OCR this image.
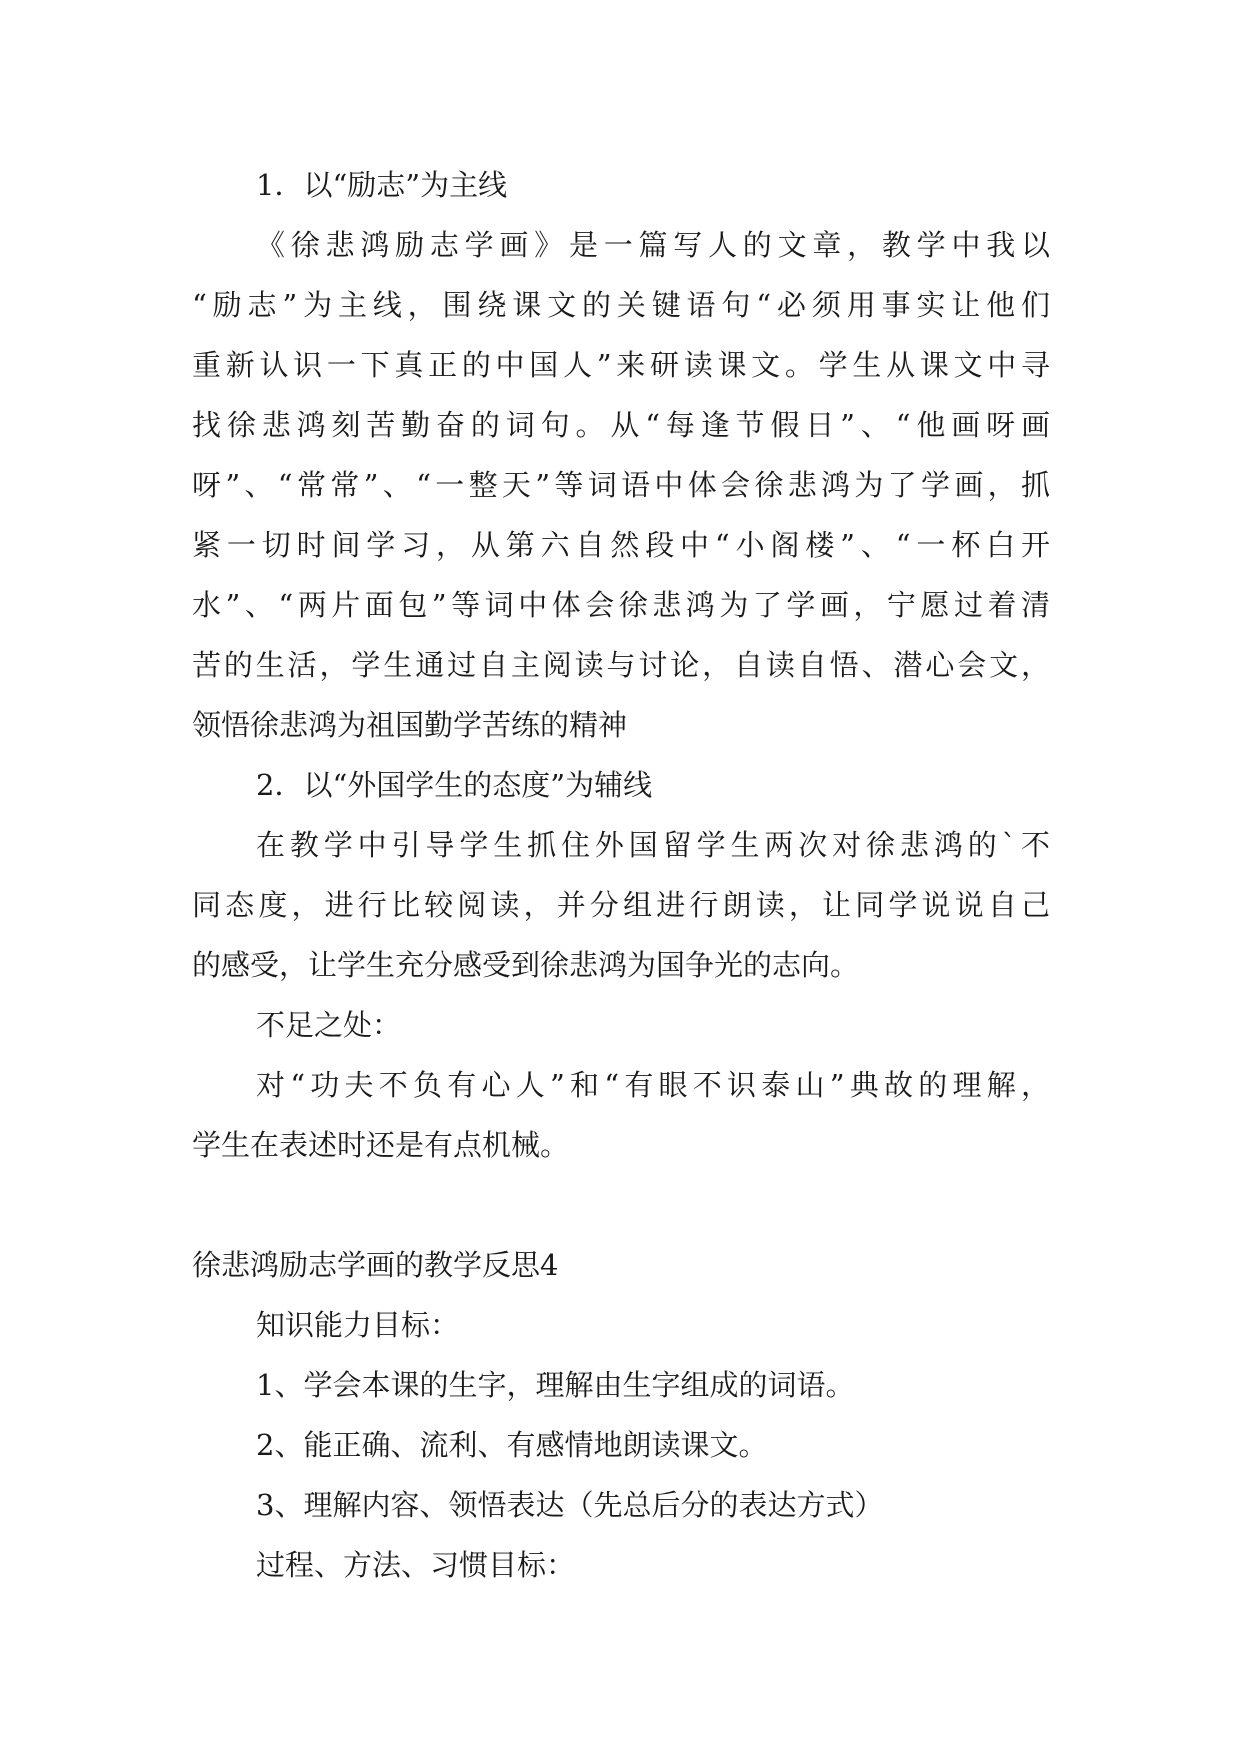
1．以“励志”为主线
《徐悲鸿励志学画》是一篇写人的文章，教学中我以
“励志”为主线，围绕课文的关键语句“必须用事实让他们
重新认识一下真正的中国人”来研读课文。学生从课文中寻
找徐悲鸿刻苦勤奋的词句。从“每逢节假日”、“他画呀画
呀”、“常常”、“一整天”等词语中体会徐悲鸿为了学画，抓
紧一切时间学习，从第六自然段中“小阁楼”、“一杯白开
水”、“两片面包”等词中体会徐悲鸿为了学画，宁愿过着清
苦的生活，学生通过自主阅读与讨论，自读自悟、潜心会文，
领悟徐悲鸿为祖国勤学苦练的精神
2．以“外国学生的态度”为辅线
在教学中引导学生抓住外国留学生两次对徐悲鸿的`不
同态度，进行比较阅读，并分组进行朗读，让同学说说自己
的感受，让学生充分感受到徐悲鸿为国争光的志向。
不足之处：
对“功夫不负有心人”和“有眼不识泰山”典故的理解，
学生在表述时还是有点机械。
徐悲鸿励志学画的教学反思4
知识能力目标：
1、学会本课的生字，理解由生字组成的词语。
2、能正确、流利、有感情地朗读课文。
3、理解内容、领悟表达（先总后分的表达方式）
过程、方法、习惯目标：
